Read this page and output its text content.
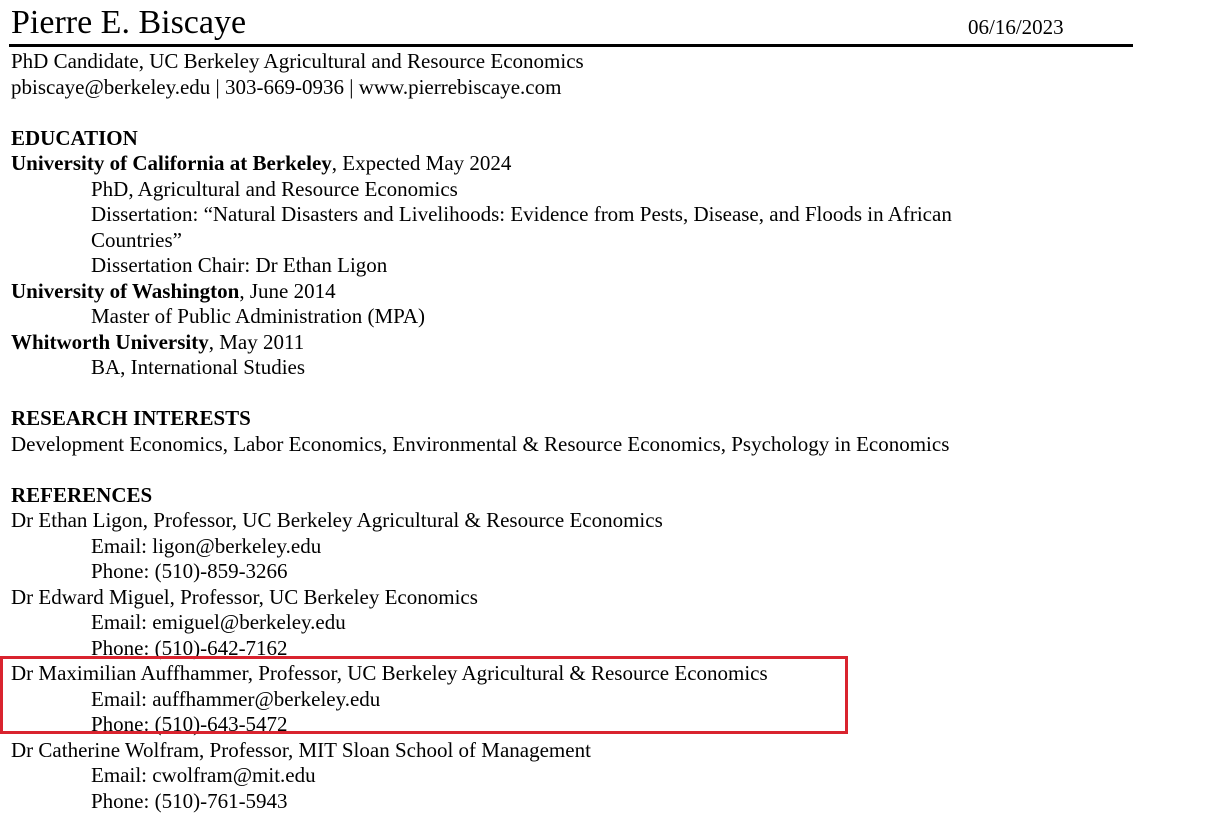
Pierre E. Biscaye	06/16/2023
PhD Candidate, UC Berkeley Agricultural and Resource Economics
pbiscaye@berkeley.edu | 303-669-0936 | www.pierrebiscaye.com
EDUCATION
University of California at Berkeley, Expected May 2024
PhD, Agricultural and Resource Economics
Dissertation: “Natural Disasters and Livelihoods: Evidence from Pests, Disease, and Floods in African
Countries”
Dissertation Chair: Dr Ethan Ligon
University of Washington, June 2014
Master of Public Administration (MPA)
Whitworth University, May 2011
BA, International Studies
RESEARCH INTERESTS
Development Economics, Labor Economics, Environmental & Resource Economics, Psychology in Economics
REFERENCES
Dr Ethan Ligon, Professor, UC Berkeley Agricultural & Resource Economics
Email: ligon@berkeley.edu
Phone: (510)-859-3266
Dr Edward Miguel, Professor, UC Berkeley Economics
Email: emiguel@berkeley.edu
Phone: (510)-642-7162
Dr Maximilian Auffhammer, Professor, UC Berkeley Agricultural & Resource Economics
Email: auffhammer@berkeley.edu
Phone: (510)-643-5472
Dr Catherine Wolfram, Professor, MIT Sloan School of Management
Email: cwolfram@mit.edu
Phone: (510)-761-5943
